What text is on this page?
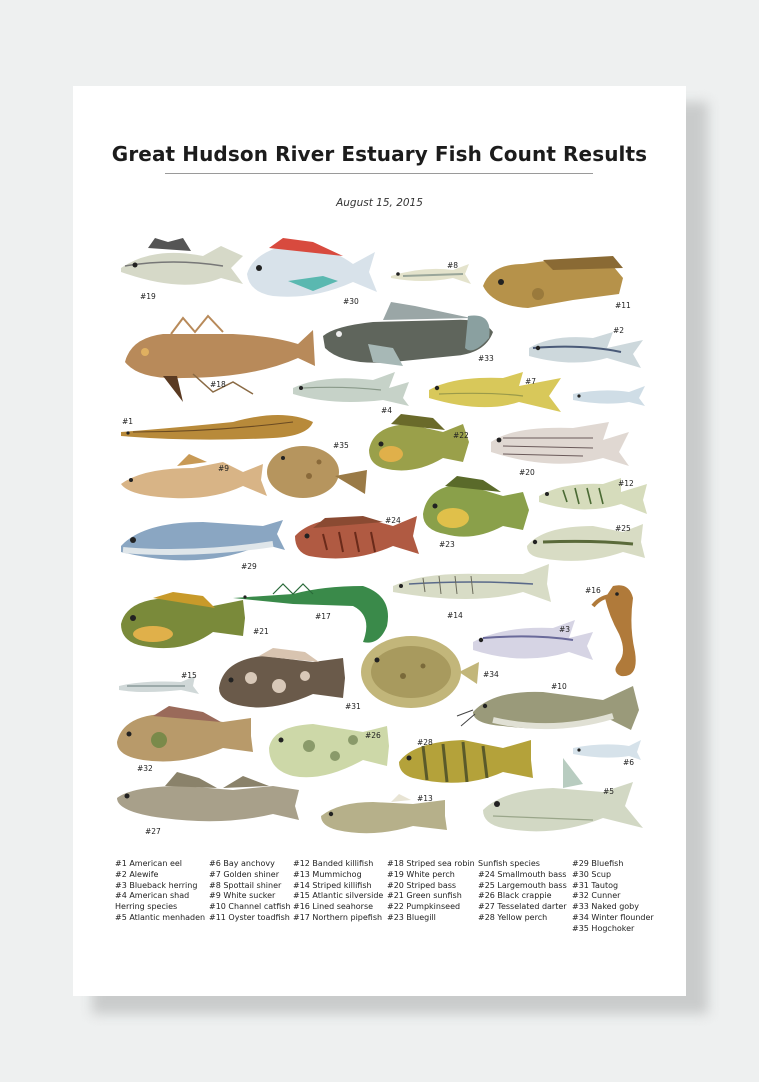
Great Hudson River Estuary Fish Count Results
August 15, 2015
#19
#30
#8
#11
#18
#33
#2
#4
#7
#1
#35
#22
#20
#9
#12
#29
#24
#23
#25
#17	#14
#16
#21	#3
#15
#31
#34
#10
#32
#26
#28
#6
#27
#13
#5
#1 American eel
#2 Alewife
#3 Blueback herring
#4 American shad
Herring species
#5 Atlantic menhaden
#6 Bay anchovy
#7 Golden shiner
#8 Spottail shiner
#9 White sucker
#10 Channel catfish
#11 Oyster toadfish
#12 Banded killifish
#13 Mummichog
#14 Striped killifish
#15 Atlantic silverside
#16 Lined seahorse
#17 Northern pipefish
#18 Striped sea robin
#19 White perch
#20 Striped bass
#21 Green sunfish
#22 Pumpkinseed
#23 Bluegill
Sunfish species
#24 Smallmouth bass
#25 Largemouth bass
#26 Black crappie
#27 Tesselated darter
#28 Yellow perch
#29 Bluefish
#30 Scup
#31 Tautog
#32 Cunner
#33 Naked goby
#34 Winter flounder
#35 Hogchoker
